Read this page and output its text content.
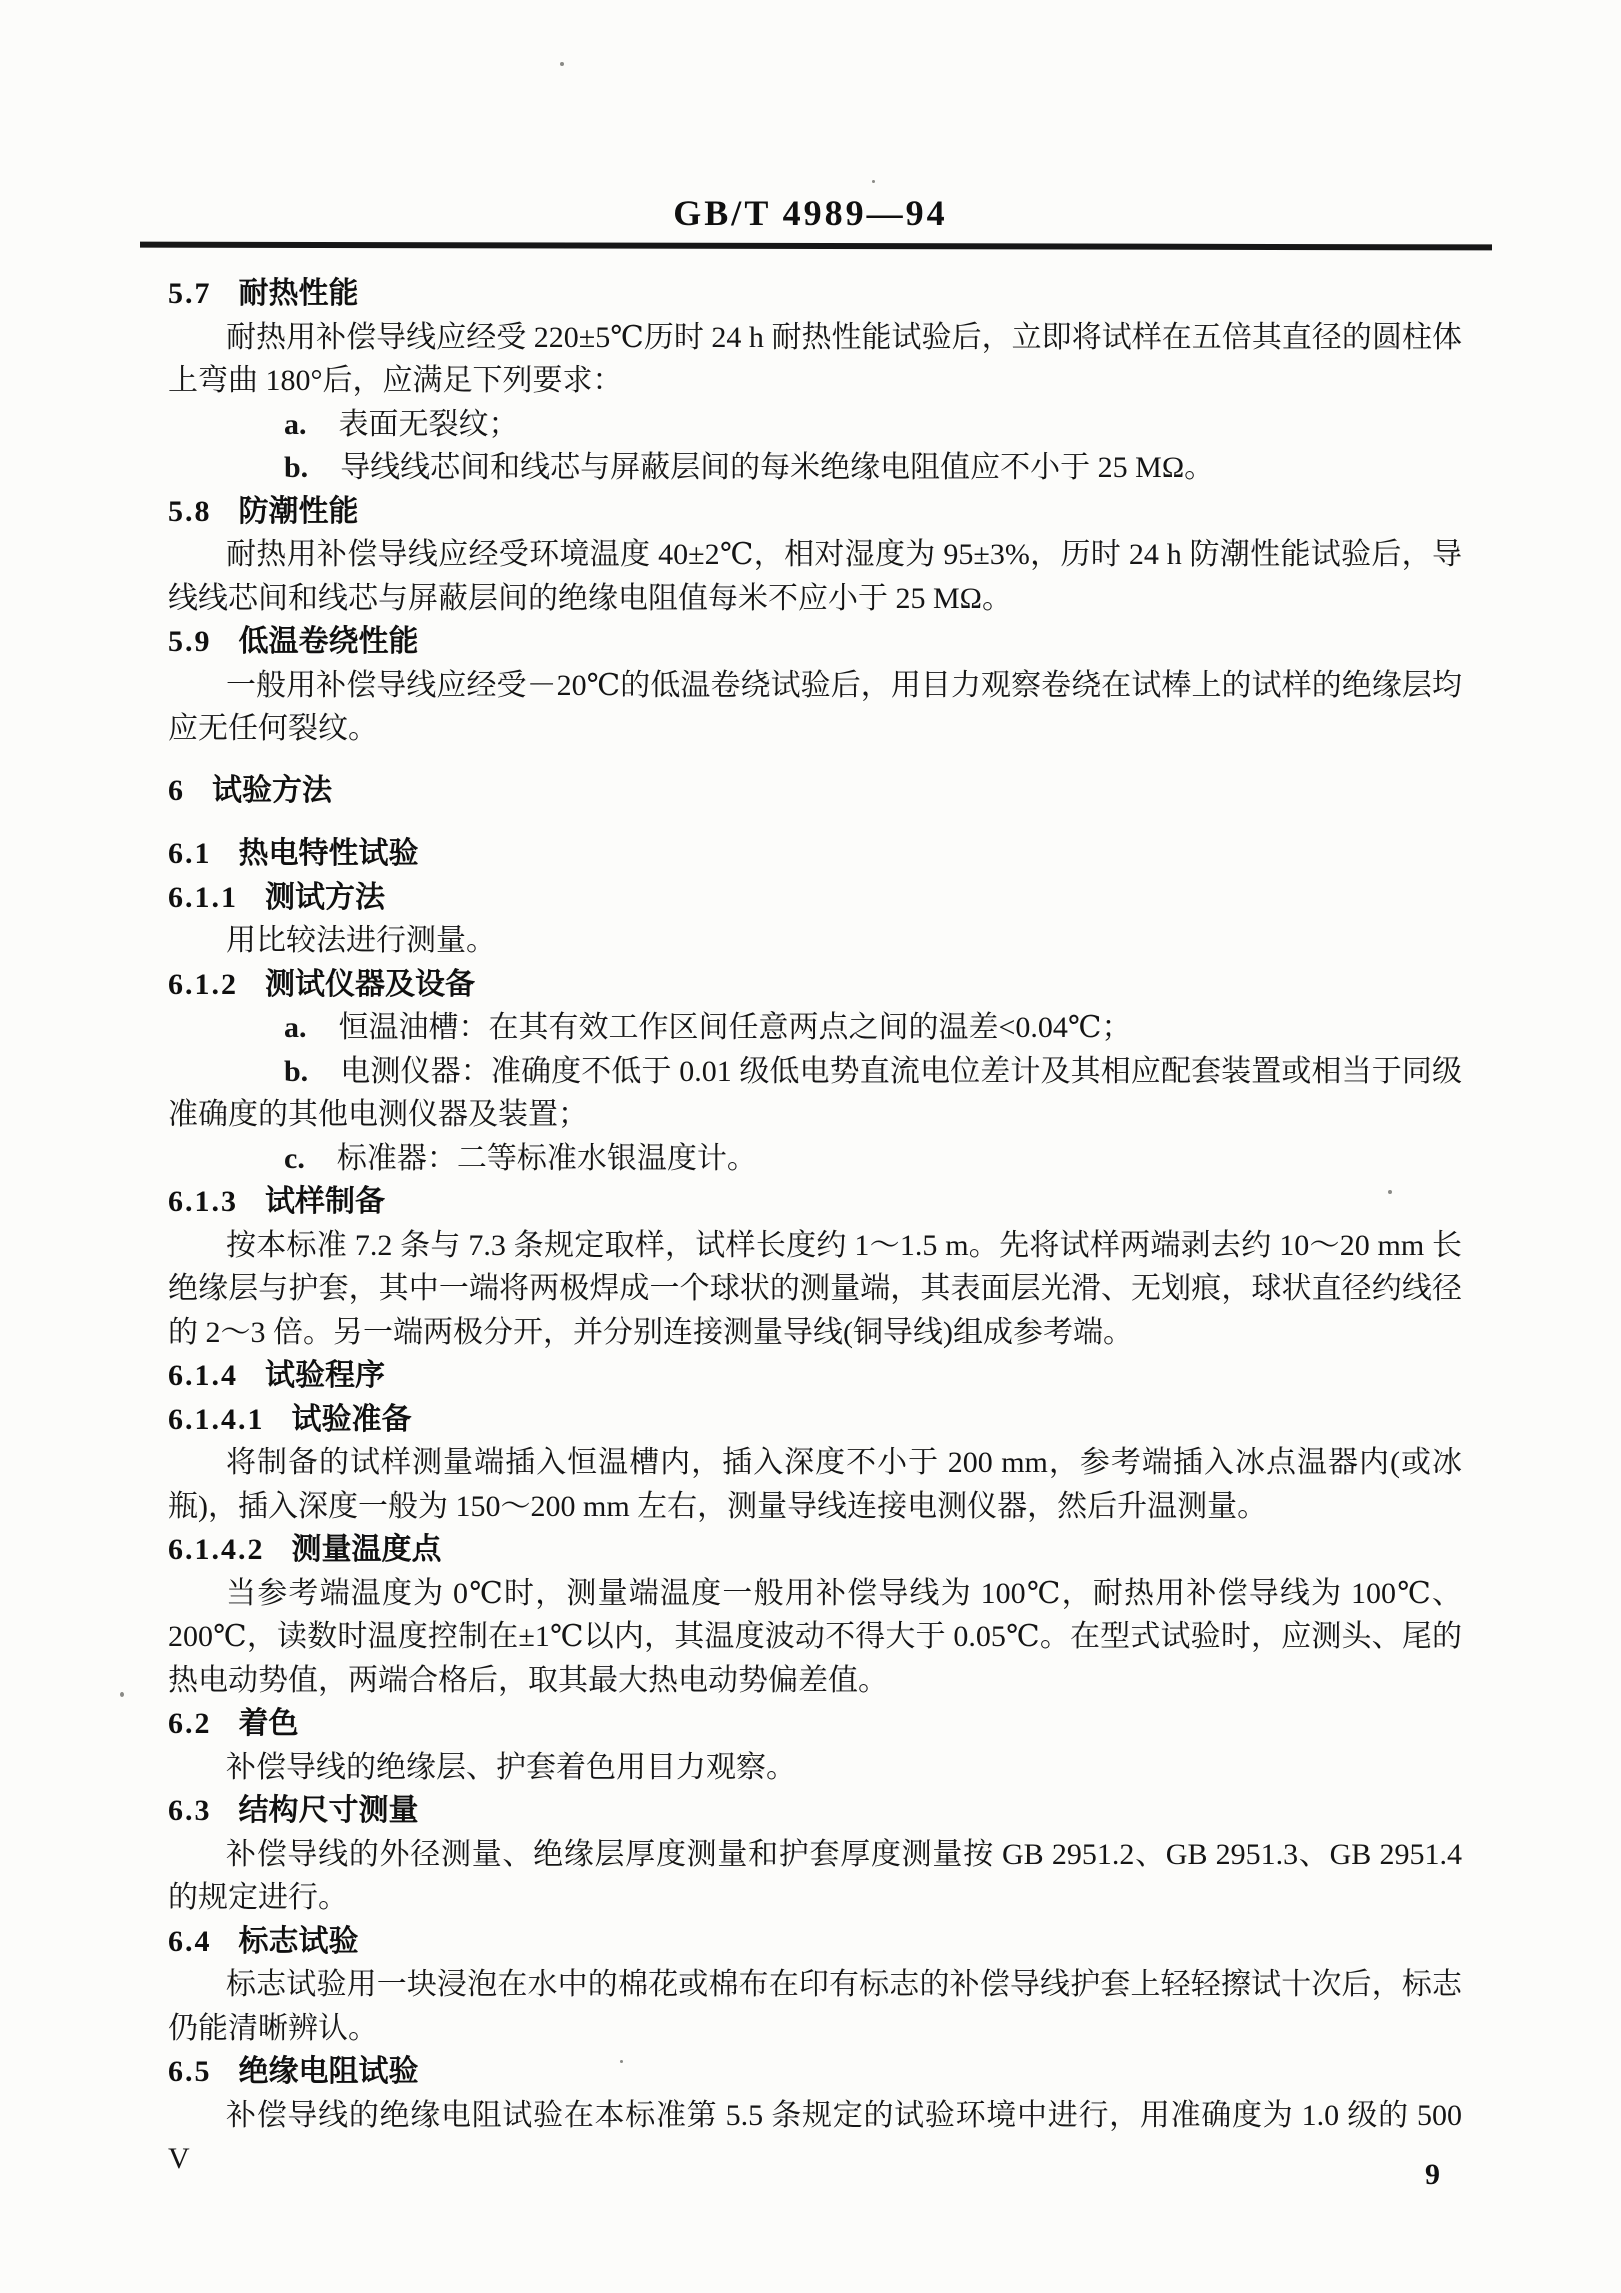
GB/T 4989—94
5.7 耐热性能

耐热用补偿导线应经受 220±5℃历时 24 h 耐热性能试验后，立即将试样在五倍其直径的圆柱体上弯曲 180°后，应满足下列要求：

a. 表面无裂纹；

b. 导线线芯间和线芯与屏蔽层间的每米绝缘电阻值应不小于 25 MΩ。

5.8 防潮性能

耐热用补偿导线应经受环境温度 40±2℃，相对湿度为 95±3%，历时 24 h 防潮性能试验后，导线线芯间和线芯与屏蔽层间的绝缘电阻值每米不应小于 25 MΩ。

5.9 低温卷绕性能

一般用补偿导线应经受－20℃的低温卷绕试验后，用目力观察卷绕在试棒上的试样的绝缘层均应无任何裂纹。

6 试验方法
6.1 热电特性试验
6.1.1 测试方法

用比较法进行测量。

6.1.2 测试仪器及设备

a. 恒温油槽：在其有效工作区间任意两点之间的温差<0.04℃；

b. 电测仪器：准确度不低于 0.01 级低电势直流电位差计及其相应配套装置或相当于同级准确度的其他电测仪器及装置；

c. 标准器：二等标准水银温度计。

6.1.3 试样制备

按本标准 7.2 条与 7.3 条规定取样，试样长度约 1～1.5 m。先将试样两端剥去约 10～20 mm 长绝缘层与护套，其中一端将两极焊成一个球状的测量端，其表面层光滑、无划痕，球状直径约线径的 2～3 倍。另一端两极分开，并分别连接测量导线(铜导线)组成参考端。

6.1.4 试验程序
6.1.4.1 试验准备

将制备的试样测量端插入恒温槽内，插入深度不小于 200 mm，参考端插入冰点温器内(或冰瓶)，插入深度一般为 150～200 mm 左右，测量导线连接电测仪器，然后升温测量。

6.1.4.2 测量温度点

当参考端温度为 0℃时，测量端温度一般用补偿导线为 100℃，耐热用补偿导线为 100℃、200℃，读数时温度控制在±1℃以内，其温度波动不得大于 0.05℃。在型式试验时，应测头、尾的热电动势值，两端合格后，取其最大热电动势偏差值。

6.2 着色

补偿导线的绝缘层、护套着色用目力观察。

6.3 结构尺寸测量

补偿导线的外径测量、绝缘层厚度测量和护套厚度测量按 GB 2951.2、GB 2951.3、GB 2951.4 的规定进行。

6.4 标志试验

标志试验用一块浸泡在水中的棉花或棉布在印有标志的补偿导线护套上轻轻擦试十次后，标志仍能清晰辨认。

6.5 绝缘电阻试验

补偿导线的绝缘电阻试验在本标准第 5.5 条规定的试验环境中进行，用准确度为 1.0 级的 500 V	9
